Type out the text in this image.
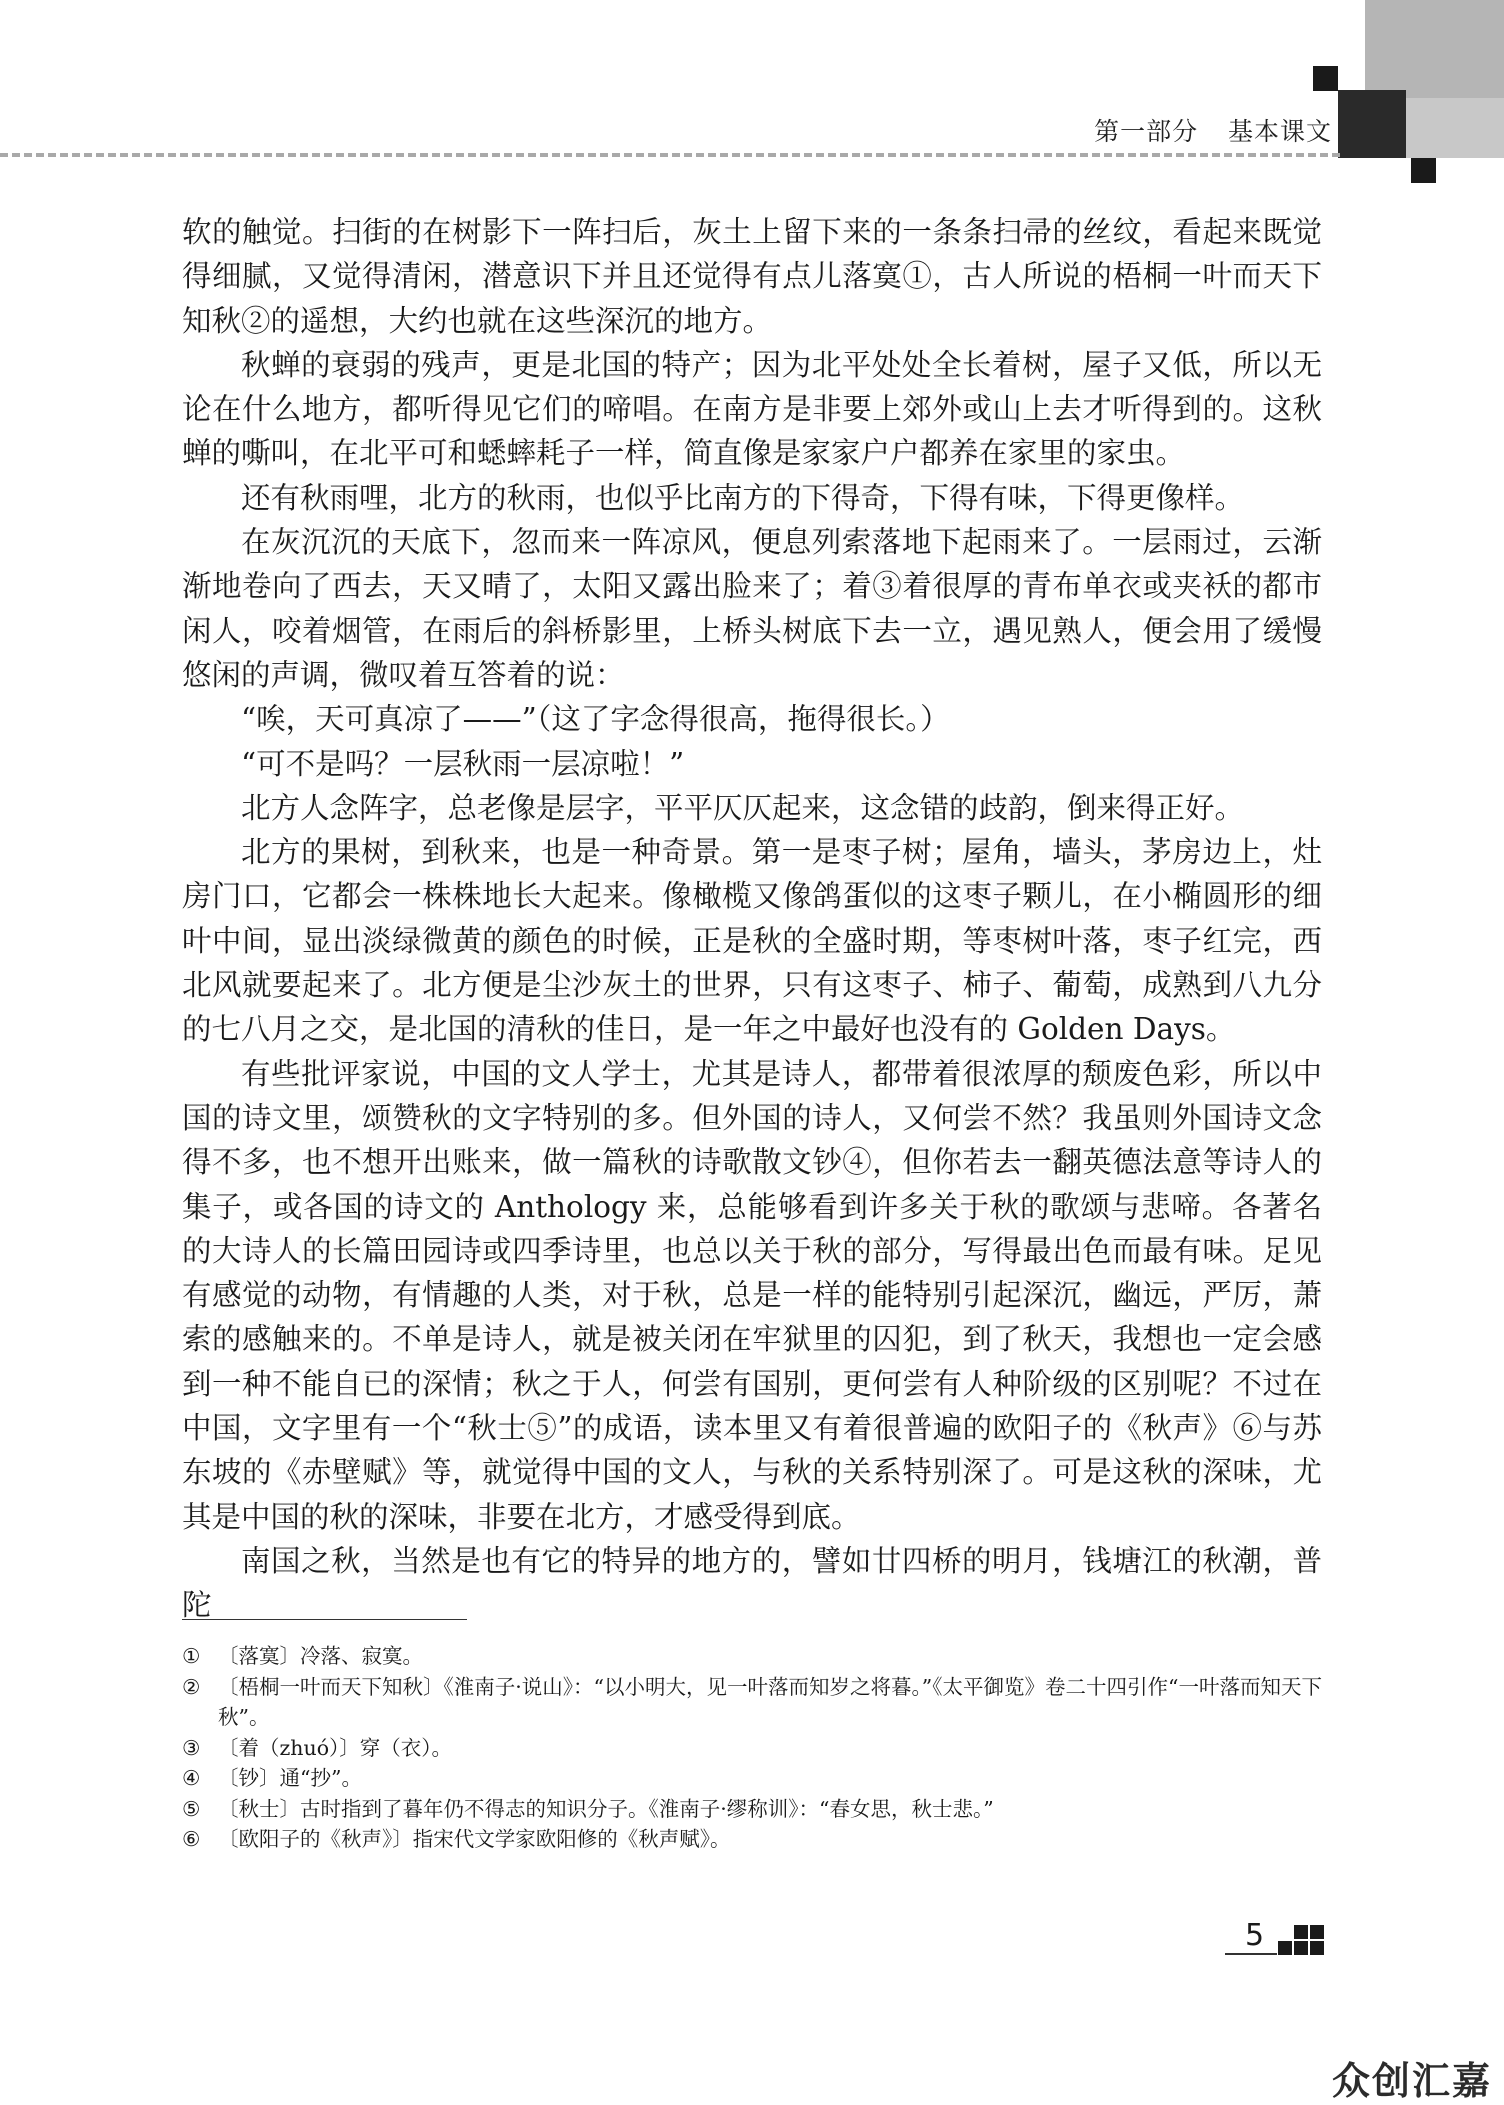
第一部分  基本课文

软的触觉。扫街的在树影下一阵扫后，灰土上留下来的一条条扫帚的丝纹，看起来既觉得细腻，又觉得清闲，潜意识下并且还觉得有点儿落寞①，古人所说的梧桐一叶而天下知秋②的遥想，大约也就在这些深沉的地方。

秋蝉的衰弱的残声，更是北国的特产；因为北平处处全长着树，屋子又低，所以无论在什么地方，都听得见它们的啼唱。在南方是非要上郊外或山上去才听得到的。这秋蝉的嘶叫，在北平可和蟋蟀耗子一样，简直像是家家户户都养在家里的家虫。

还有秋雨哩，北方的秋雨，也似乎比南方的下得奇，下得有味，下得更像样。

在灰沉沉的天底下，忽而来一阵凉风，便息列索落地下起雨来了。一层雨过，云渐渐地卷向了西去，天又晴了，太阳又露出脸来了；着③着很厚的青布单衣或夹袄的都市闲人，咬着烟管，在雨后的斜桥影里，上桥头树底下去一立，遇见熟人，便会用了缓慢悠闲的声调，微叹着互答着的说：

“唉，天可真凉了——”（这了字念得很高，拖得很长。）

“可不是吗？一层秋雨一层凉啦！”

北方人念阵字，总老像是层字，平平仄仄起来，这念错的歧韵，倒来得正好。

北方的果树，到秋来，也是一种奇景。第一是枣子树；屋角，墙头，茅房边上，灶房门口，它都会一株株地长大起来。像橄榄又像鸽蛋似的这枣子颗儿，在小椭圆形的细叶中间，显出淡绿微黄的颜色的时候，正是秋的全盛时期，等枣树叶落，枣子红完，西北风就要起来了。北方便是尘沙灰土的世界，只有这枣子、柿子、葡萄，成熟到八九分的七八月之交，是北国的清秋的佳日，是一年之中最好也没有的 Golden Days。

有些批评家说，中国的文人学士，尤其是诗人，都带着很浓厚的颓废色彩，所以中国的诗文里，颂赞秋的文字特别的多。但外国的诗人，又何尝不然？我虽则外国诗文念得不多，也不想开出账来，做一篇秋的诗歌散文钞④，但你若去一翻英德法意等诗人的集子，或各国的诗文的 Anthology 来，总能够看到许多关于秋的歌颂与悲啼。各著名的大诗人的长篇田园诗或四季诗里，也总以关于秋的部分，写得最出色而最有味。足见有感觉的动物，有情趣的人类，对于秋，总是一样的能特别引起深沉，幽远，严厉，萧索的感触来的。不单是诗人，就是被关闭在牢狱里的囚犯，到了秋天，我想也一定会感到一种不能自已的深情；秋之于人，何尝有国别，更何尝有人种阶级的区别呢？不过在中国，文字里有一个“秋士⑤”的成语，读本里又有着很普遍的欧阳子的《秋声》⑥与苏东坡的《赤壁赋》等，就觉得中国的文人，与秋的关系特别深了。可是这秋的深味，尤其是中国的秋的深味，非要在北方，才感受得到底。

南国之秋，当然是也有它的特异的地方的，譬如廿四桥的明月，钱塘江的秋潮，普陀

① 〔落寞〕冷落、寂寞。
② 〔梧桐一叶而天下知秋〕《淮南子·说山》：“以小明大，见一叶落而知岁之将暮。”《太平御览》卷二十四引作“一叶落而知天下秋”。
③ 〔着（zhuó）〕穿（衣）。
④ 〔钞〕通“抄”。
⑤ 〔秋士〕古时指到了暮年仍不得志的知识分子。《淮南子·缪称训》：“春女思，秋士悲。”
⑥ 〔欧阳子的《秋声》〕指宋代文学家欧阳修的《秋声赋》。
5
众创汇嘉
